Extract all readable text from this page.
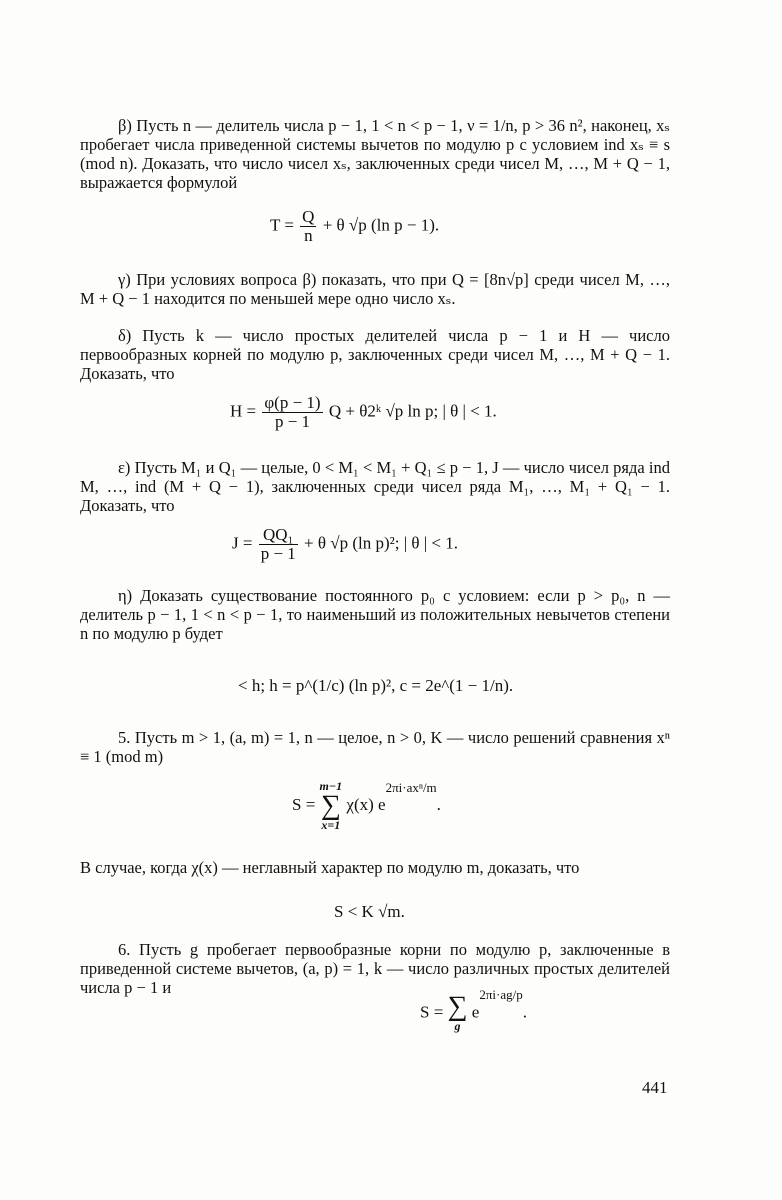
β) Пусть n — делитель числа p − 1, 1 < n < p − 1, ν = 1/n, p > 36 n², наконец, xₛ пробегает числа приведенной системы вычетов по модулю p с условием ind xₛ ≡ s (mod n). Доказать, что число чисел xₛ, заключенных среди чисел M, …, M + Q − 1, выражается формулой
$T = \frac{Q}{n} + \theta$ √p (ln p − 1).
γ) При условиях вопроса β) показать, что при Q = [8n√p] среди чисел M, …, M + Q − 1 находится по меньшей мере одно число xₛ.
δ) Пусть k — число простых делителей числа p − 1 и H — число первообразных корней по модулю p, заключенных среди чисел M, …, M + Q − 1. Доказать, что
$H = \frac{\varphi(p - 1)}{p - 1}$ Q + θ2ᵏ √p ln p; | θ | < 1.
ε) Пусть M₁ и Q₁ — целые, 0 < M₁ < M₁ + Q₁ ≤ p − 1, J — число чисел ряда ind M, …, ind (M + Q − 1), заключенных среди чисел ряда M₁, …, M₁ + Q₁ − 1. Доказать, что
$J = \frac{\text{QQ₁}}{p - 1} + \theta$ √p (ln p)²; | θ | < 1.
η) Доказать существование постоянного p₀ с условием: если p > p₀, n — делитель p − 1, 1 < n < p − 1, то наименьший из положительных невычетов степени n по модулю p будет
< h; h = p^(1/c) (ln p)², c = 2e^(1 − 1/n).
5. Пусть m > 1, (a, m) = 1, n — целое, n > 0, K — число решений сравнения xⁿ ≡ 1 (mod m)
S =
m−1
∑
x=1
χ(x) $e^{2\pi i\cdot ax^n/m}$.
В случае, когда χ(x) — неглавный характер по модулю m, доказать, что
S < K √m.
6. Пусть g пробегает первообразные корни по модулю p, заключенные в приведенной системе вычетов, (a, p) = 1, k — число различных простых делителей числа p − 1 и
S = ∑
g
$e^{2\pi i\cdot ag/p}$.
441
